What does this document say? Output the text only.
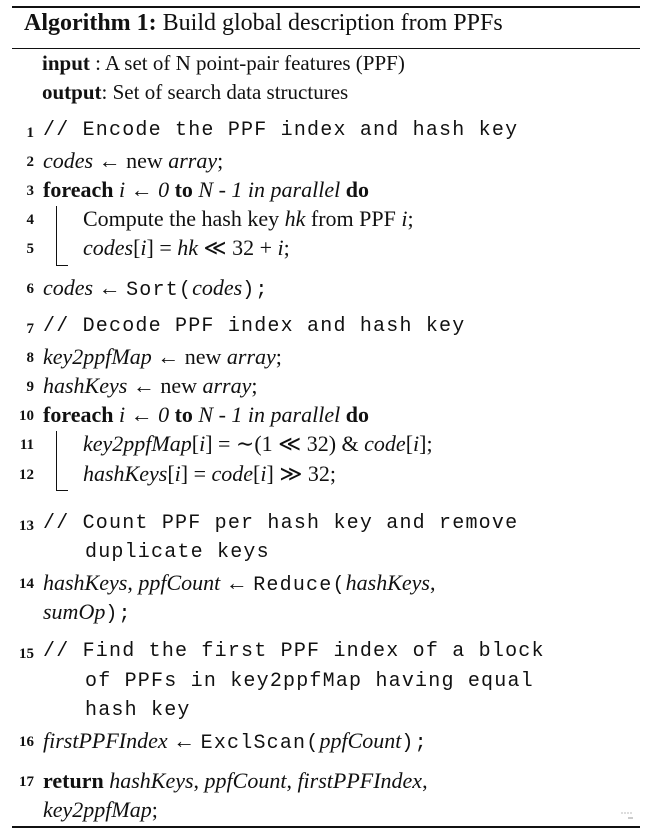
Algorithm 1: Build global description from PPFs
input : A set of N point-pair features (PPF)
output: Set of search data structures
1 // Encode the PPF index and hash key
2 codes ← new array;
3 foreach i ← 0 to N - 1 in parallel do
4 Compute the hash key hk from PPF i;
5 codes[i] = hk ≪ 32 + i;
6 codes ← Sort(codes);
7 // Decode PPF index and hash key
8 key2ppfMap ← new array;
9 hashKeys ← new array;
10 foreach i ← 0 to N - 1 in parallel do
11 key2ppfMap[i] = ∼(1 ≪ 32) & code[i];
12 hashKeys[i] = code[i] ≫ 32;
13 // Count PPF per hash key and remove
duplicate keys
14 hashKeys, ppfCount ← Reduce(hashKeys,
sumOp);
15 // Find the first PPF index of a block
of PPFs in key2ppfMap having equal
hash key
16 firstPPFIndex ← ExclScan(ppfCount);
17 return hashKeys, ppfCount, firstPPFIndex,
key2ppfMap;
